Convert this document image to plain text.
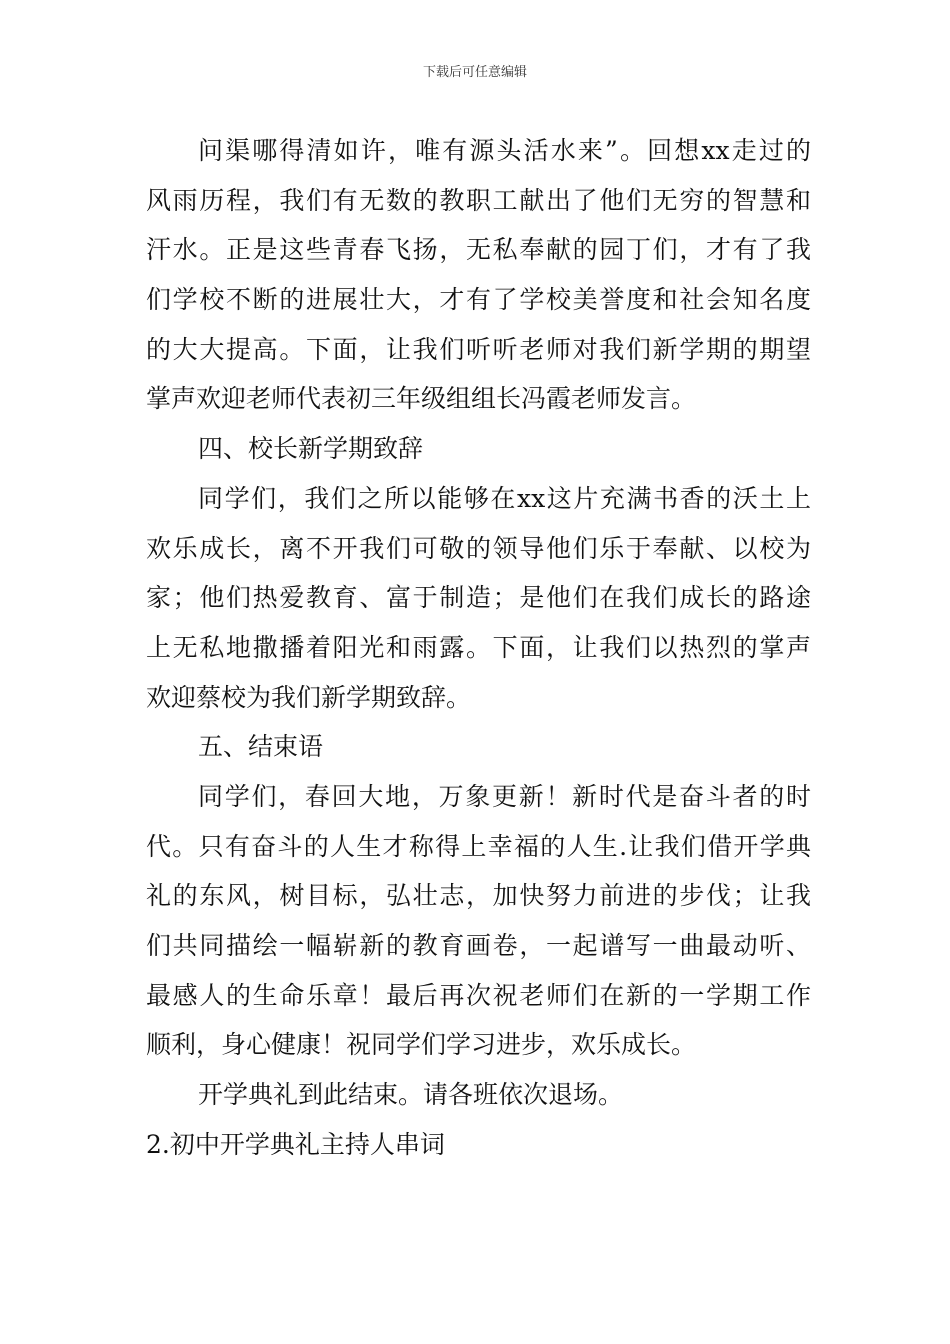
下载后可任意编辑
问渠哪得清如许，唯有源头活水来”。回想xx走过的
风雨历程，我们有无数的教职工献出了他们无穷的智慧和
汗水。正是这些青春飞扬，无私奉献的园丁们，才有了我
们学校不断的进展壮大，才有了学校美誉度和社会知名度
的大大提高。下面，让我们听听老师对我们新学期的期望
掌声欢迎老师代表初三年级组组长冯霞老师发言。
四、校长新学期致辞
同学们，我们之所以能够在xx这片充满书香的沃土上
欢乐成长，离不开我们可敬的领导他们乐于奉献、以校为
家；他们热爱教育、富于制造；是他们在我们成长的路途
上无私地撒播着阳光和雨露。下面，让我们以热烈的掌声
欢迎蔡校为我们新学期致辞。
五、结束语
同学们，春回大地，万象更新！新时代是奋斗者的时
代。只有奋斗的人生才称得上幸福的人生.让我们借开学典
礼的东风，树目标，弘壮志，加快努力前进的步伐；让我
们共同描绘一幅崭新的教育画卷，一起谱写一曲最动听、
最感人的生命乐章！最后再次祝老师们在新的一学期工作
顺利，身心健康！祝同学们学习进步，欢乐成长。
开学典礼到此结束。请各班依次退场。
2.初中开学典礼主持人串词
